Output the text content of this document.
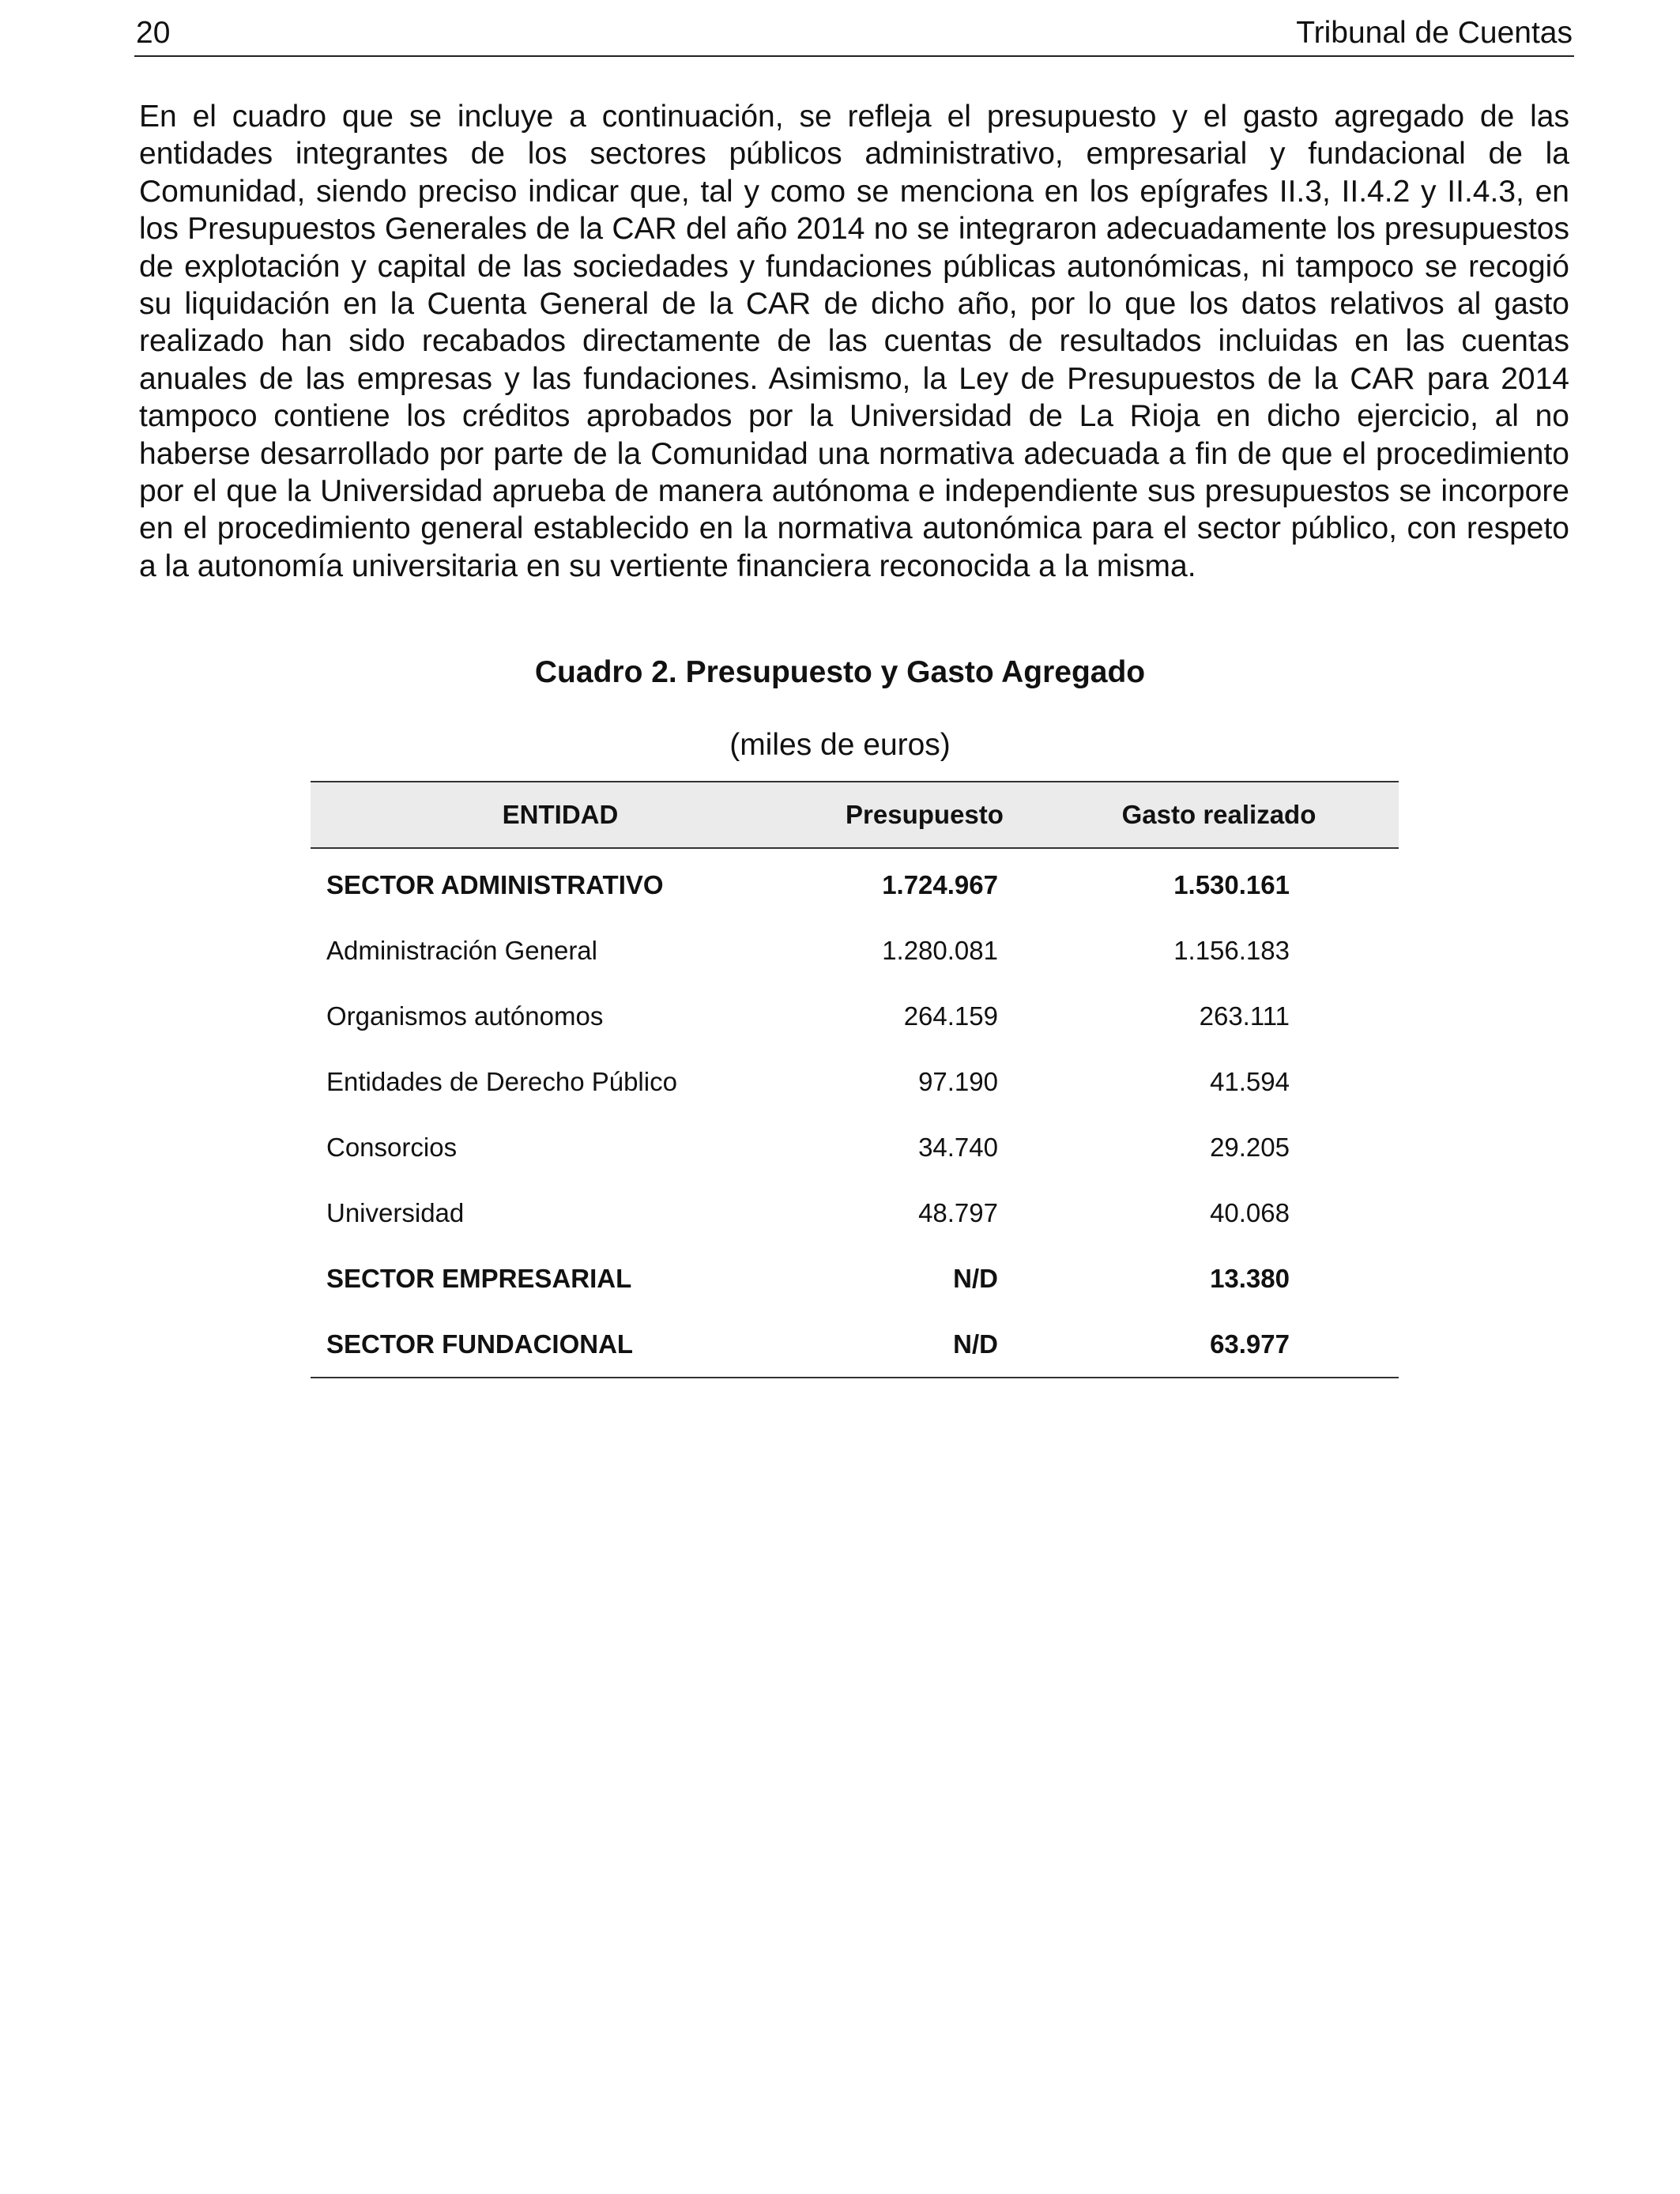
20	Tribunal de Cuentas

En el cuadro que se incluye a continuación, se refleja el presupuesto y el gasto agregado de las entidades integrantes de los sectores públicos administrativo, empresarial y fundacional de la Comunidad, siendo preciso indicar que, tal y como se menciona en los epígrafes II.3, II.4.2 y II.4.3, en los Presupuestos Generales de la CAR del año 2014 no se integraron adecuadamente los presupuestos de explotación y capital de las sociedades y fundaciones públicas autonómicas, ni tampoco se recogió su liquidación en la Cuenta General de la CAR de dicho año, por lo que los datos relativos al gasto realizado han sido recabados directamente de las cuentas de resultados incluidas en las cuentas anuales de las empresas y las fundaciones. Asimismo, la Ley de Presupuestos de la CAR para 2014 tampoco contiene los créditos aprobados por la Universidad de La Rioja en dicho ejercicio, al no haberse desarrollado por parte de la Comunidad una normativa adecuada a fin de que el procedimiento por el que la Universidad aprueba de manera autónoma e independiente sus presupuestos se incorpore en el procedimiento general establecido en la normativa autonómica para el sector público, con respeto a la autonomía universitaria en su vertiente financiera reconocida a la misma.

Cuadro 2. Presupuesto y Gasto Agregado

(miles de euros)

ENTIDAD	Presupuesto	Gasto realizado
SECTOR ADMINISTRATIVO	1.724.967	1.530.161
Administración General	1.280.081	1.156.183
Organismos autónomos	264.159	263.111
Entidades de Derecho Público	97.190	41.594
Consorcios	34.740	29.205
Universidad	48.797	40.068
SECTOR EMPRESARIAL	N/D	13.380
SECTOR FUNDACIONAL	N/D	63.977
